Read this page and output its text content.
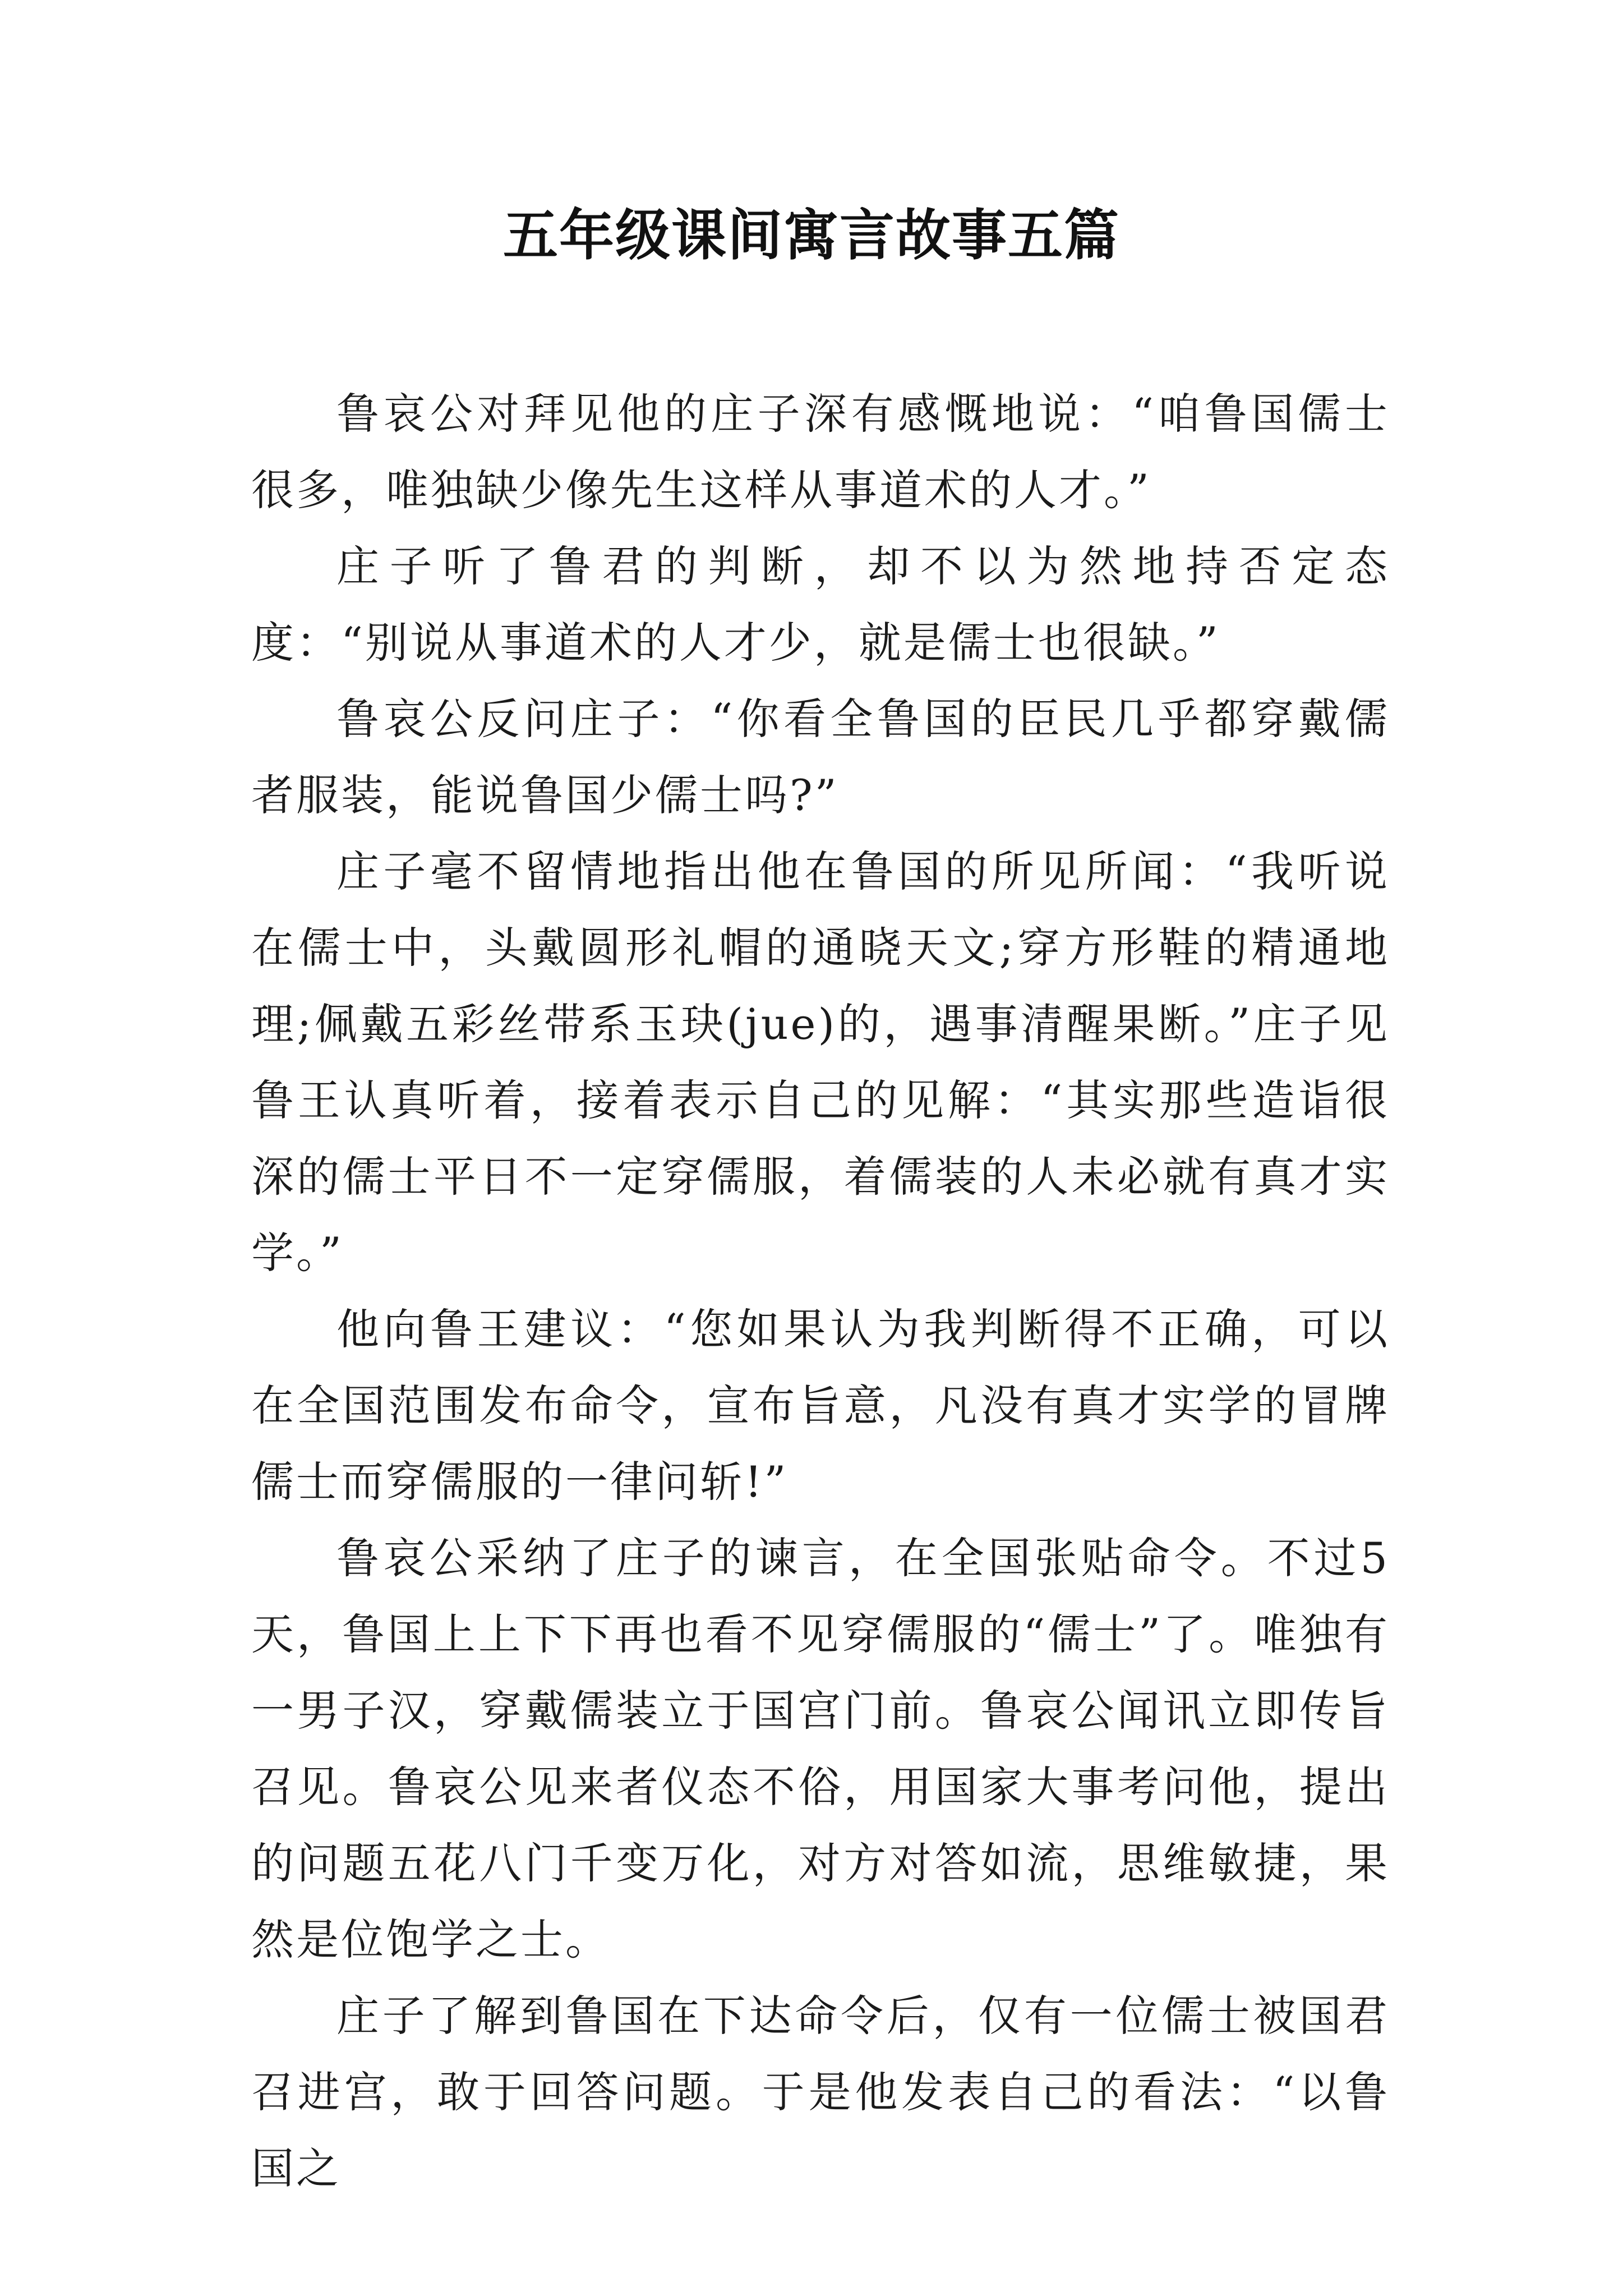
五年级课间寓言故事五篇

鲁哀公对拜见他的庄子深有感慨地说：“咱鲁国儒士很多，唯独缺少像先生这样从事道术的人才。”

庄子听了鲁君的判断，却不以为然地持否定态度：“别说从事道术的人才少，就是儒士也很缺。”

鲁哀公反问庄子：“你看全鲁国的臣民几乎都穿戴儒者服装，能说鲁国少儒士吗?”

庄子毫不留情地指出他在鲁国的所见所闻：“我听说在儒士中，头戴圆形礼帽的通晓天文;穿方形鞋的精通地理;佩戴五彩丝带系玉玦(jue)的，遇事清醒果断。”庄子见鲁王认真听着，接着表示自己的见解：“其实那些造诣很深的儒士平日不一定穿儒服，着儒装的人未必就有真才实学。”

他向鲁王建议：“您如果认为我判断得不正确，可以在全国范围发布命令，宣布旨意，凡没有真才实学的冒牌儒士而穿儒服的一律问斩!”

鲁哀公采纳了庄子的谏言，在全国张贴命令。不过5天，鲁国上上下下再也看不见穿儒服的“儒士”了。唯独有一男子汉，穿戴儒装立于国宫门前。鲁哀公闻讯立即传旨召见。鲁哀公见来者仪态不俗，用国家大事考问他，提出的问题五花八门千变万化，对方对答如流，思维敏捷，果然是位饱学之士。

庄子了解到鲁国在下达命令后，仅有一位儒士被国君召进宫，敢于回答问题。于是他发表自己的看法：“以鲁国之
